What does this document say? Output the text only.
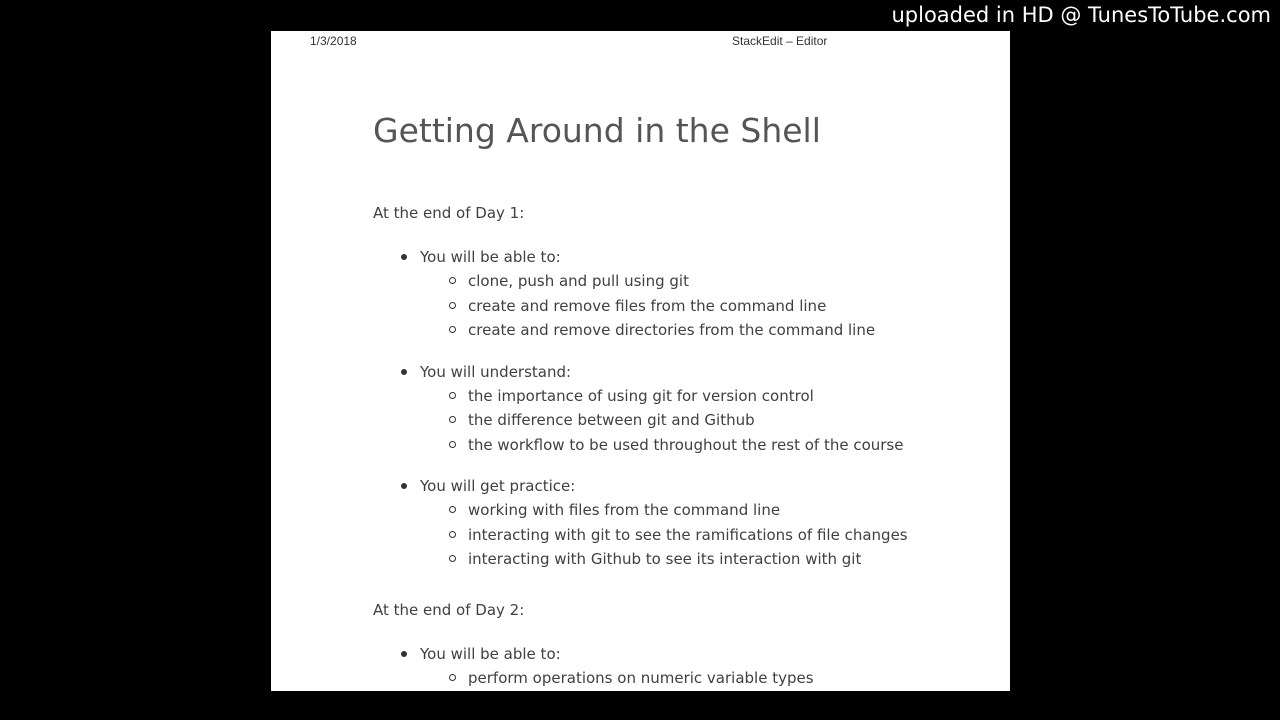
uploaded in HD @ TunesToTube.com
1/3/2018	StackEdit – Editor
Getting Around in the Shell
At the end of Day 1:
You will be able to:
clone, push and pull using git
create and remove files from the command line
create and remove directories from the command line
You will understand:
the importance of using git for version control
the difference between git and Github
the workflow to be used throughout the rest of the course
You will get practice:
working with files from the command line
interacting with git to see the ramifications of file changes
interacting with Github to see its interaction with git
At the end of Day 2:
You will be able to:
perform operations on numeric variable types
